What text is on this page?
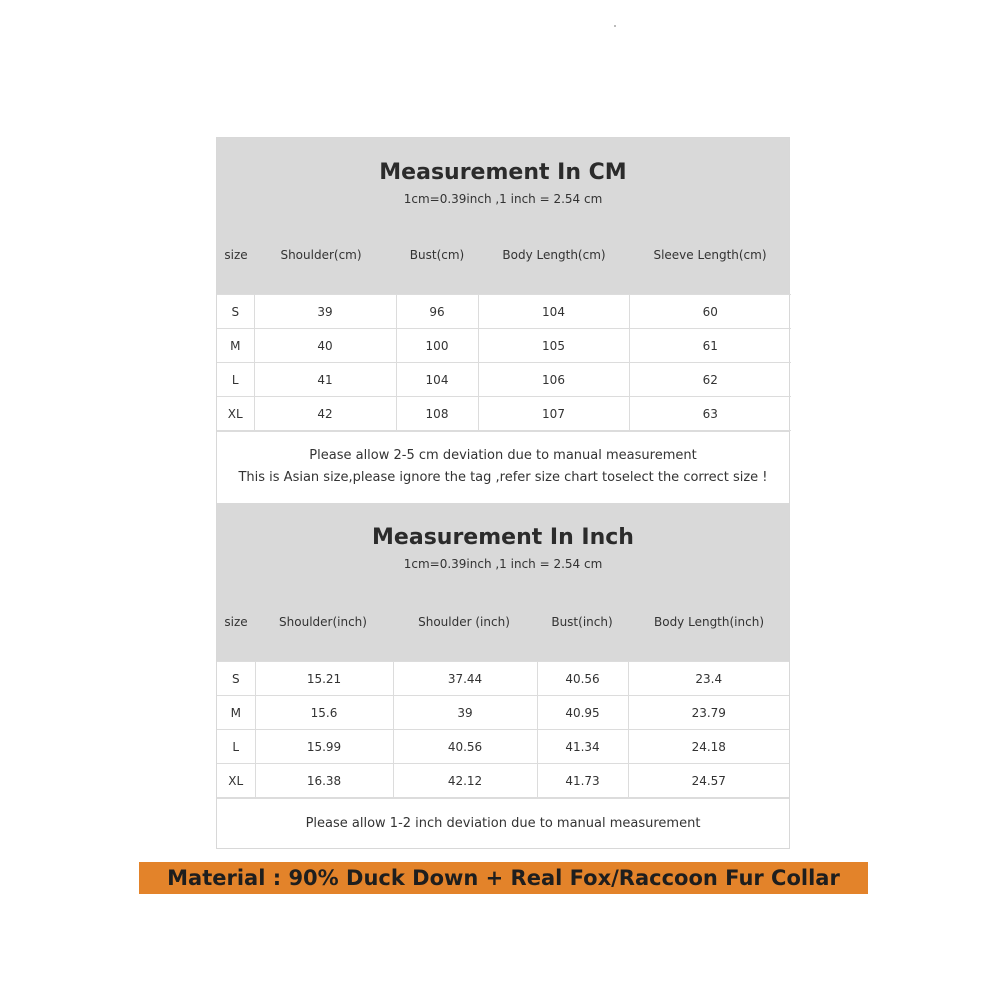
Measurement In CM
1cm=0.39inch ,1 inch = 2.54 cm
size	Shoulder(cm)	Bust(cm)	Body Length(cm)	Sleeve Length(cm)
S	39	96	104	60
M	40	100	105	61
L	41	104	106	62
XL	42	108	107	63
Please allow 2-5 cm deviation due to manual measurement
This is Asian size,please ignore the tag ,refer size chart toselect the correct size !
Measurement In Inch
1cm=0.39inch ,1 inch = 2.54 cm
size	Shoulder(inch)	Shoulder (inch)	Bust(inch)	Body Length(inch)
S	15.21	37.44	40.56	23.4
M	15.6	39	40.95	23.79
L	15.99	40.56	41.34	24.18
XL	16.38	42.12	41.73	24.57
Please allow 1-2 inch deviation due to manual measurement
Material : 90% Duck Down + Real Fox/Raccoon Fur Collar
